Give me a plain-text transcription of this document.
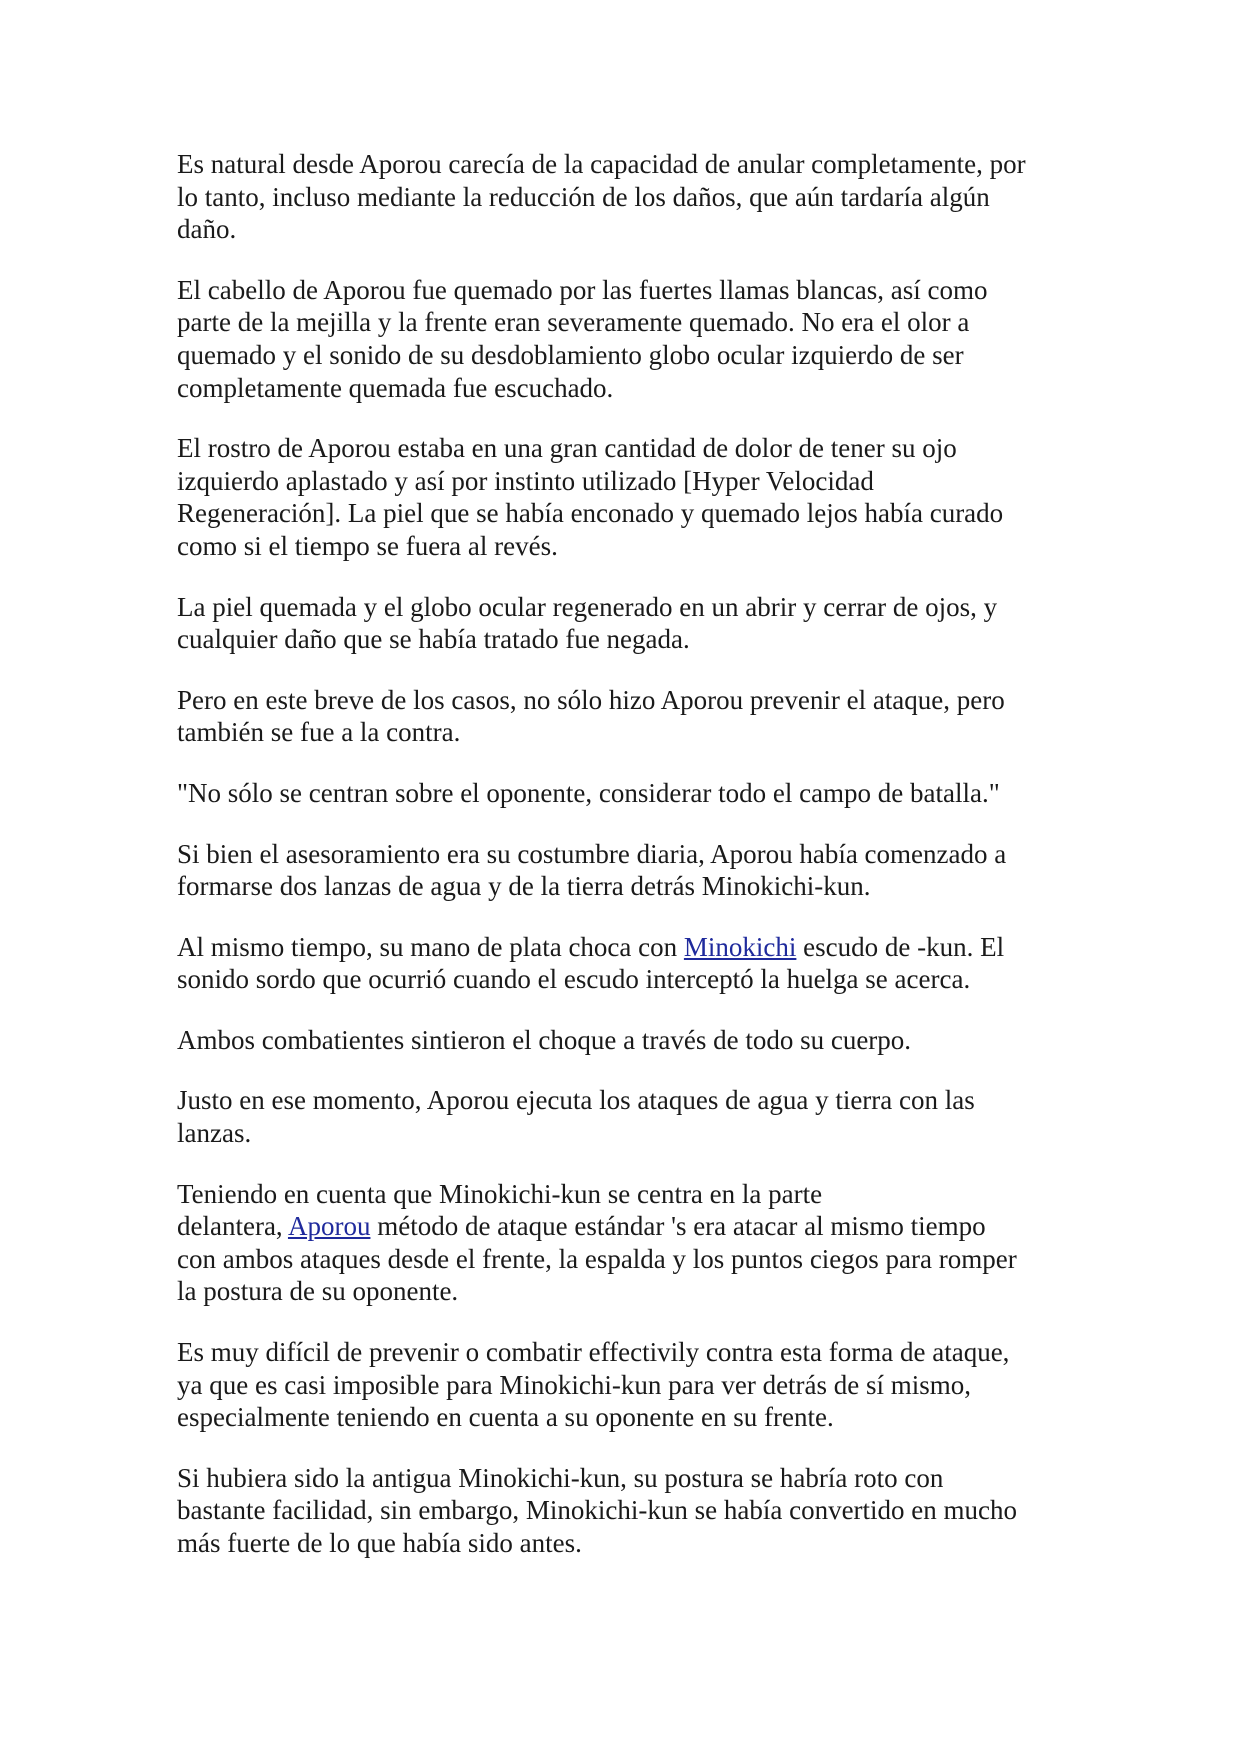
Es natural desde Aporou carecía de la capacidad de anular completamente, por
lo tanto, incluso mediante la reducción de los daños, que aún tardaría algún
daño.

El cabello de Aporou fue quemado por las fuertes llamas blancas, así como
parte de la mejilla y la frente eran severamente quemado. No era el olor a
quemado y el sonido de su desdoblamiento globo ocular izquierdo de ser
completamente quemada fue escuchado.

El rostro de Aporou estaba en una gran cantidad de dolor de tener su ojo
izquierdo aplastado y así por instinto utilizado [Hyper Velocidad
Regeneración]. La piel que se había enconado y quemado lejos había curado
como si el tiempo se fuera al revés.

La piel quemada y el globo ocular regenerado en un abrir y cerrar de ojos, y
cualquier daño que se había tratado fue negada.

Pero en este breve de los casos, no sólo hizo Aporou prevenir el ataque, pero
también se fue a la contra.

"No sólo se centran sobre el oponente, considerar todo el campo de batalla."

Si bien el asesoramiento era su costumbre diaria, Aporou había comenzado a
formarse dos lanzas de agua y de la tierra detrás Minokichi-kun.

Al mismo tiempo, su mano de plata choca con Minokichi escudo de -kun. El
sonido sordo que ocurrió cuando el escudo interceptó la huelga se acerca.

Ambos combatientes sintieron el choque a través de todo su cuerpo.

Justo en ese momento, Aporou ejecuta los ataques de agua y tierra con las
lanzas.

Teniendo en cuenta que Minokichi-kun se centra en la parte
delantera, Aporou método de ataque estándar 's era atacar al mismo tiempo
con ambos ataques desde el frente, la espalda y los puntos ciegos para romper
la postura de su oponente.

Es muy difícil de prevenir o combatir effectivily contra esta forma de ataque,
ya que es casi imposible para Minokichi-kun para ver detrás de sí mismo,
especialmente teniendo en cuenta a su oponente en su frente.

Si hubiera sido la antigua Minokichi-kun, su postura se habría roto con
bastante facilidad, sin embargo, Minokichi-kun se había convertido en mucho
más fuerte de lo que había sido antes.
